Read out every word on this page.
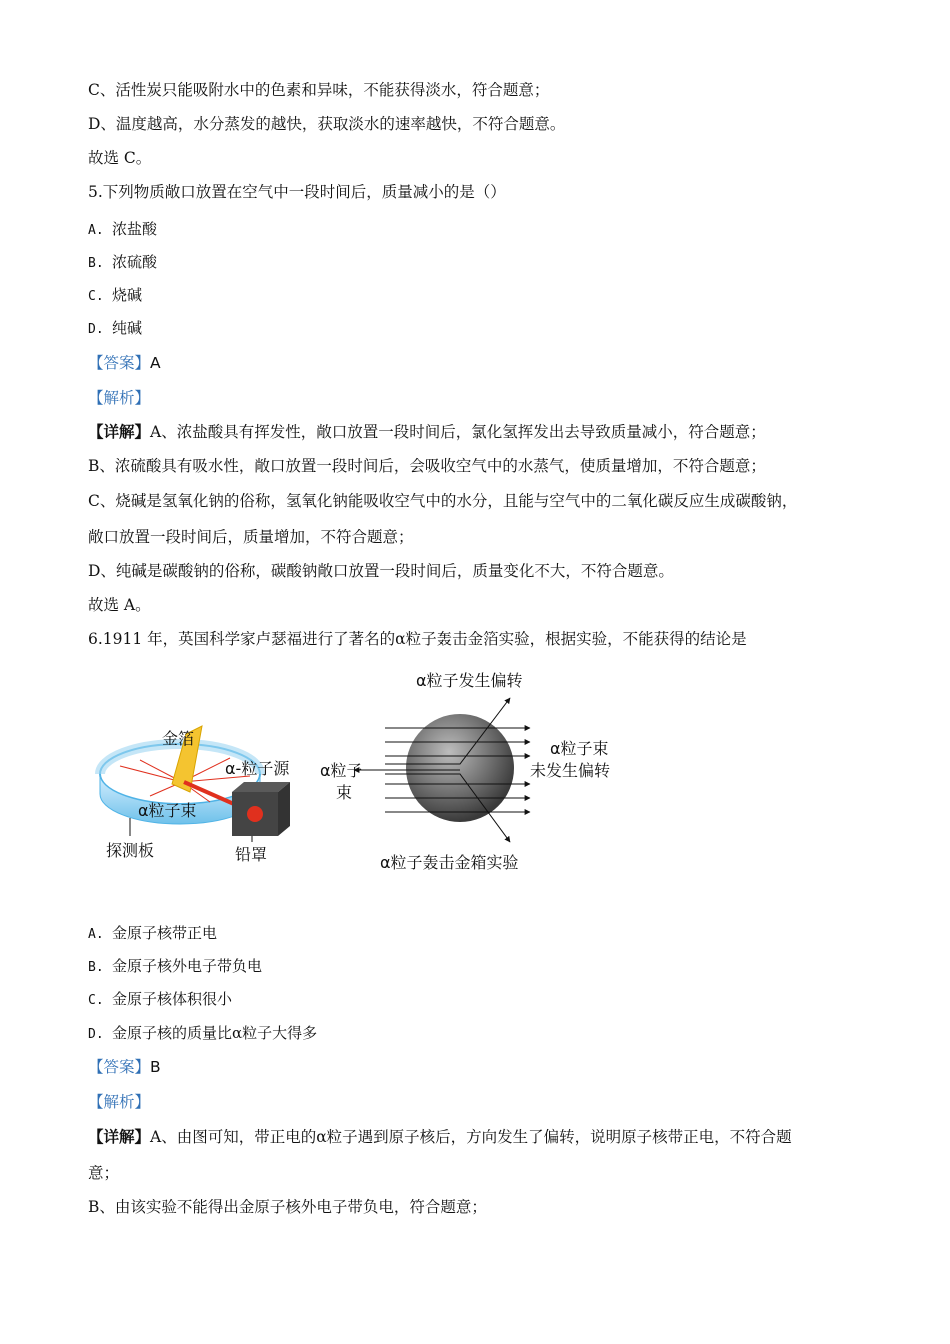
C、活性炭只能吸附水中的色素和异味，不能获得淡水，符合题意；
D、温度越高，水分蒸发的越快，获取淡水的速率越快，不符合题意。
故选 C。
5.下列物质敞口放置在空气中一段时间后，质量减小的是（）
A. 浓盐酸
B. 浓硫酸
C. 烧碱
D. 纯碱
【答案】A
【解析】
【详解】A、浓盐酸具有挥发性，敞口放置一段时间后，氯化氢挥发出去导致质量减小，符合题意；
B、浓硫酸具有吸水性，敞口放置一段时间后，会吸收空气中的水蒸气，使质量增加，不符合题意；
C、烧碱是氢氧化钠的俗称，氢氧化钠能吸收空气中的水分，且能与空气中的二氧化碳反应生成碳酸钠，
敞口放置一段时间后，质量增加，不符合题意；
D、纯碱是碳酸钠的俗称，碳酸钠敞口放置一段时间后，质量变化不大，不符合题意。
故选 A。
6.1911 年，英国科学家卢瑟福进行了著名的α粒子轰击金箔实验，根据实验，不能获得的结论是
金箔
α-粒子源
α粒子束
探测板	铅罩
α粒子发生偏转
α粒子
束
α粒子束
未发生偏转
α粒子轰击金箱实验
A. 金原子核带正电
B. 金原子核外电子带负电
C. 金原子核体积很小
D. 金原子核的质量比α粒子大得多
【答案】B
【解析】
【详解】A、由图可知，带正电的α粒子遇到原子核后，方向发生了偏转，说明原子核带正电，不符合题
意；
B、由该实验不能得出金原子核外电子带负电，符合题意；
